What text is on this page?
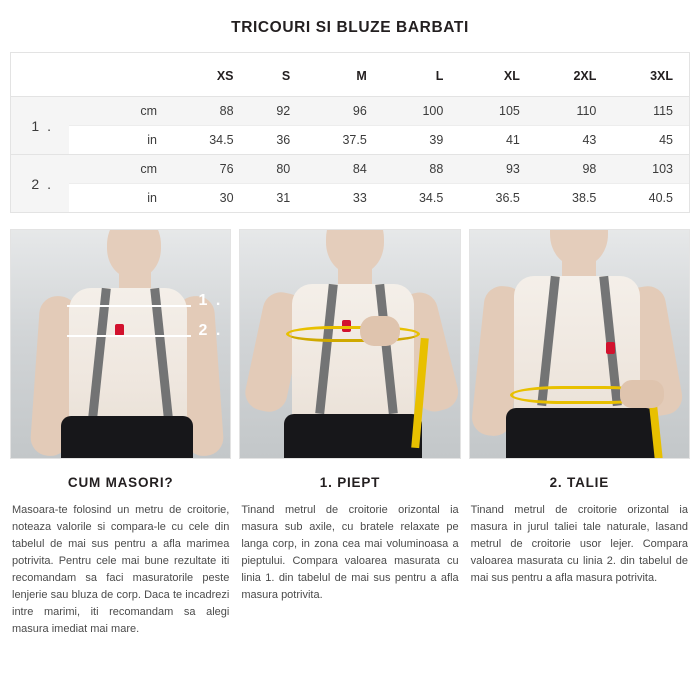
TRICOURI SI BLUZE BARBATI
		XS	S	M	L	XL	2XL	3XL
1 .	cm	88	92	96	100	105	110	115
	in	34.5	36	37.5	39	41	43	45
2 .	cm	76	80	84	88	93	98	103
	in	30	31	33	34.5	36.5	38.5	40.5
1 .
2 .
CUM MASORI?
Masoara-te folosind un metru de croitorie, noteaza valorile si compara-le cu cele din tabelul de mai sus pentru a afla marimea potrivita. Pentru cele mai bune rezultate iti recomandam sa faci masuratorile peste lenjerie sau bluza de corp. Daca te incadrezi intre marimi, iti recomandam sa alegi masura imediat mai mare.
1. PIEPT
Tinand metrul de croitorie orizontal ia masura sub axile, cu bratele relaxate pe langa corp, in zona cea mai voluminoasa a pieptului. Compara valoarea masurata cu linia 1. din tabelul de mai sus pentru a afla masura potrivita.
2. TALIE
Tinand metrul de croitorie orizontal ia masura in jurul taliei tale naturale, lasand metrul de croitorie usor lejer. Compara valoarea masurata cu linia 2. din tabelul de mai sus pentru a afla masura potrivita.
